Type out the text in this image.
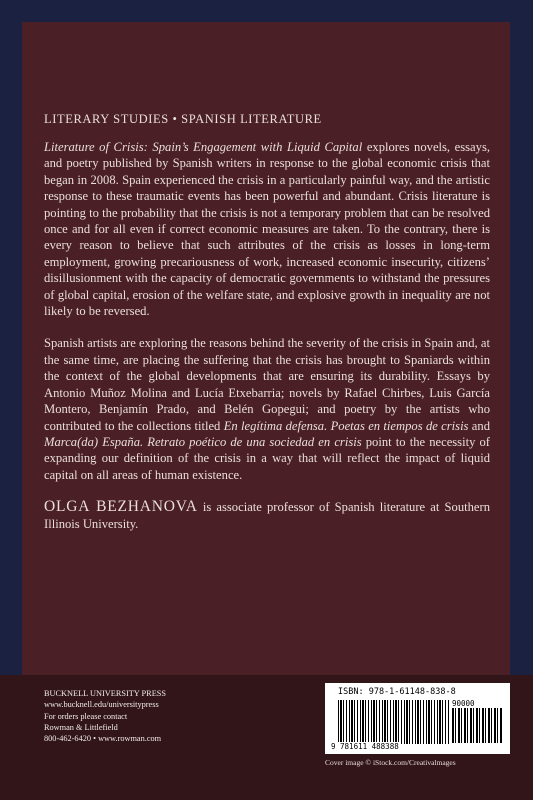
LITERARY STUDIES • SPANISH LITERATURE

Literature of Crisis: Spain’s Engagement with Liquid Capital explores novels, essays, and poetry published by Spanish writers in response to the global economic crisis that began in 2008. Spain experienced the crisis in a particularly painful way, and the artistic response to these traumatic events has been powerful and abundant. Crisis literature is pointing to the probability that the crisis is not a temporary problem that can be resolved once and for all even if correct economic measures are taken. To the contrary, there is every reason to believe that such attributes of the crisis as losses in long-term employment, growing precariousness of work, increased economic insecurity, citizens’ disillusionment with the capacity of democratic governments to withstand the pressures of global capital, erosion of the welfare state, and explosive growth in inequality are not likely to be reversed.

Spanish artists are exploring the reasons behind the severity of the crisis in Spain and, at the same time, are placing the suffering that the crisis has brought to Spaniards within the context of the global developments that are ensuring its durability. Essays by Antonio Muñoz Molina and Lucía Etxebarria; novels by Rafael Chirbes, Luis García Montero, Benjamín Prado, and Belén Gopegui; and poetry by the artists who contributed to the collections titled En legítima defensa. Poetas en tiempos de crisis and Marca(da) España. Retrato poético de una sociedad en crisis point to the necessity of expanding our definition of the crisis in a way that will reflect the impact of liquid capital on all areas of human existence.

OLGA BEZHANOVA is associate professor of Spanish literature at Southern Illinois University.

BUCKNELL UNIVERSITY PRESS
www.bucknell.edu/universitypress
For orders please contact
Rowman & Littlefield
800-462-6420 • www.rowman.com
ISBN: 978-1-61148-838-8
90000
9 781611 488388
Cover image © iStock.com/Creativalmages
